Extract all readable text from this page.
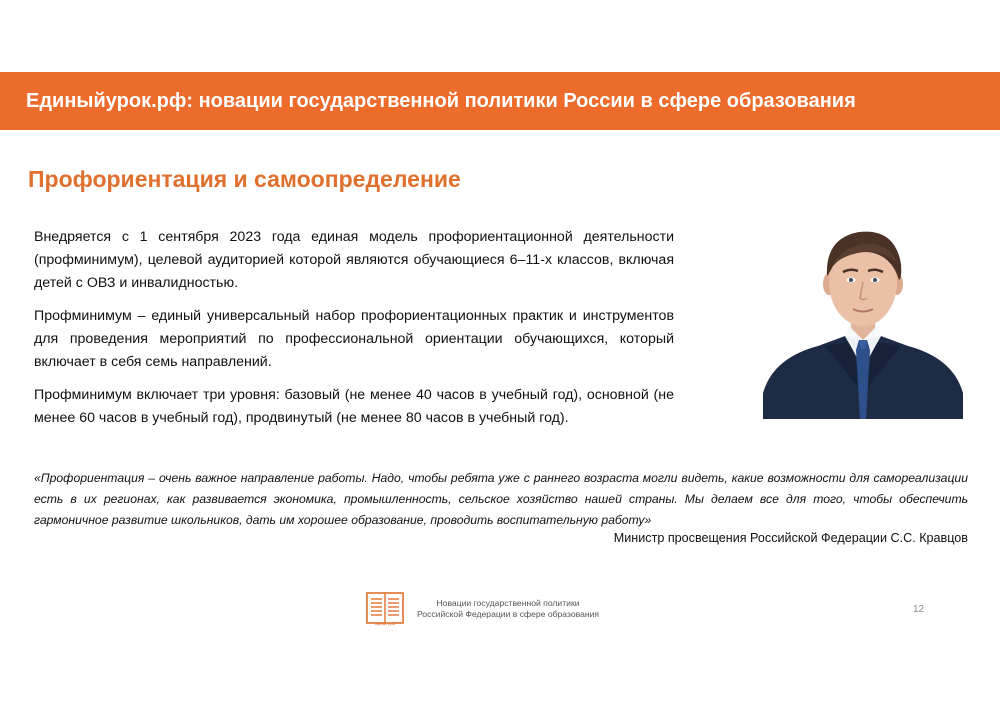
Единыйурок.рф: новации государственной политики России в сфере образования
Профориентация и самоопределение

Внедряется с 1 сентября 2023 года единая модель профориентационной деятельности (профминимум), целевой аудиторией которой являются обучающиеся 6–11-х классов, включая детей с ОВЗ и инвалидностью.

Профминимум – единый универсальный набор профориентационных практик и инструментов для проведения мероприятий по профессиональной ориентации обучающихся, который включает в себя семь направлений.

Профминимум включает три уровня: базовый (не менее 40 часов в учебный год), основной (не менее 60 часов в учебный год), продвинутый (не менее 80 часов в учебный год).

«Профориентация – очень важное направление работы. Надо, чтобы ребята уже с раннего возраста могли видеть, какие возможности для самореализации есть в их регионах, как развивается экономика, промышленность, сельское хозяйство нашей страны. Мы делаем все для того, чтобы обеспечить гармоничное развитие школьников, дать им хорошее образование, проводить воспитательную работу»
Министр просвещения Российской Федерации С.С. Кравцов
единый урок
Новации государственной политики
Российской Федерации в сфере образования	12
